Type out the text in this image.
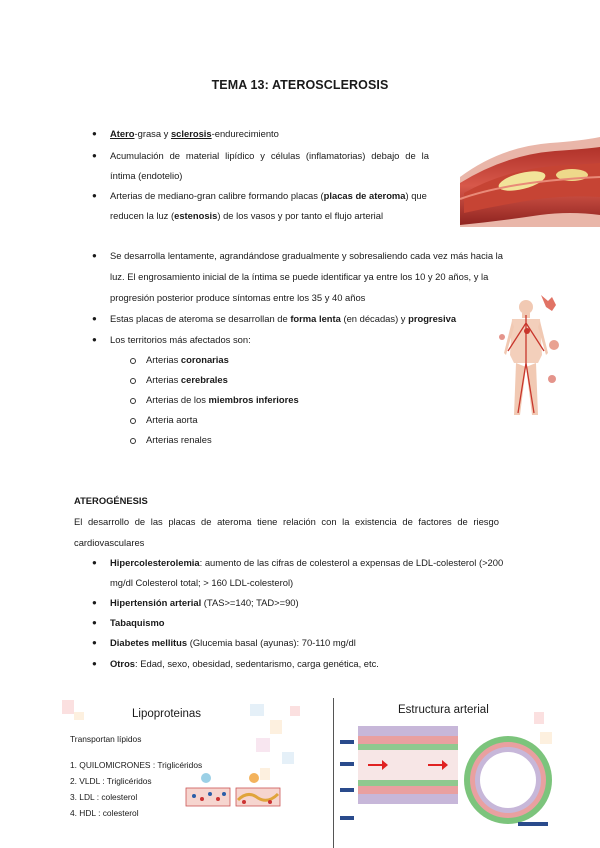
TEMA 13: ATEROSCLEROSIS
● Atero-grasa y sclerosis-endurecimiento
● Acumulación de material lipídico y células (inflamatorias) debajo de la
íntima (endotelio)
● Arterias de mediano-gran calibre formando placas (placas de ateroma) que
reducen la luz (estenosis) de los vasos y por tanto el flujo arterial
● Se desarrolla lentamente, agrandándose gradualmente y sobresaliendo cada vez más hacia la
luz. El engrosamiento inicial de la íntima se puede identificar ya entre los 10 y 20 años, y la
progresión posterior produce síntomas entre los 35 y 40 años
● Estas placas de ateroma se desarrollan de forma lenta (en décadas) y progresiva
● Los territorios más afectados son:
Arterias coronarias
Arterias cerebrales
Arterias de los miembros inferiores
Arteria aorta
Arterias renales
ATEROGÉNESIS
El desarrollo de las placas de ateroma tiene relación con la existencia de factores de riesgo
cardiovasculares
● Hipercolesterolemia: aumento de las cifras de colesterol a expensas de LDL-colesterol (>200
mg/dl Colesterol total; > 160 LDL-colesterol)
● Hipertensión arterial (TAS>=140; TAD>=90)
● Tabaquismo
● Diabetes mellitus (Glucemia basal (ayunas): 70-110 mg/dl
● Otros: Edad, sexo, obesidad, sedentarismo, carga genética, etc.
Lipoproteinas
Transportan lípidos
1. QUILOMICRONES : Triglicéridos
2. VLDL : Triglicéridos
3. LDL : colesterol
4. HDL : colesterol
Estructura arterial
